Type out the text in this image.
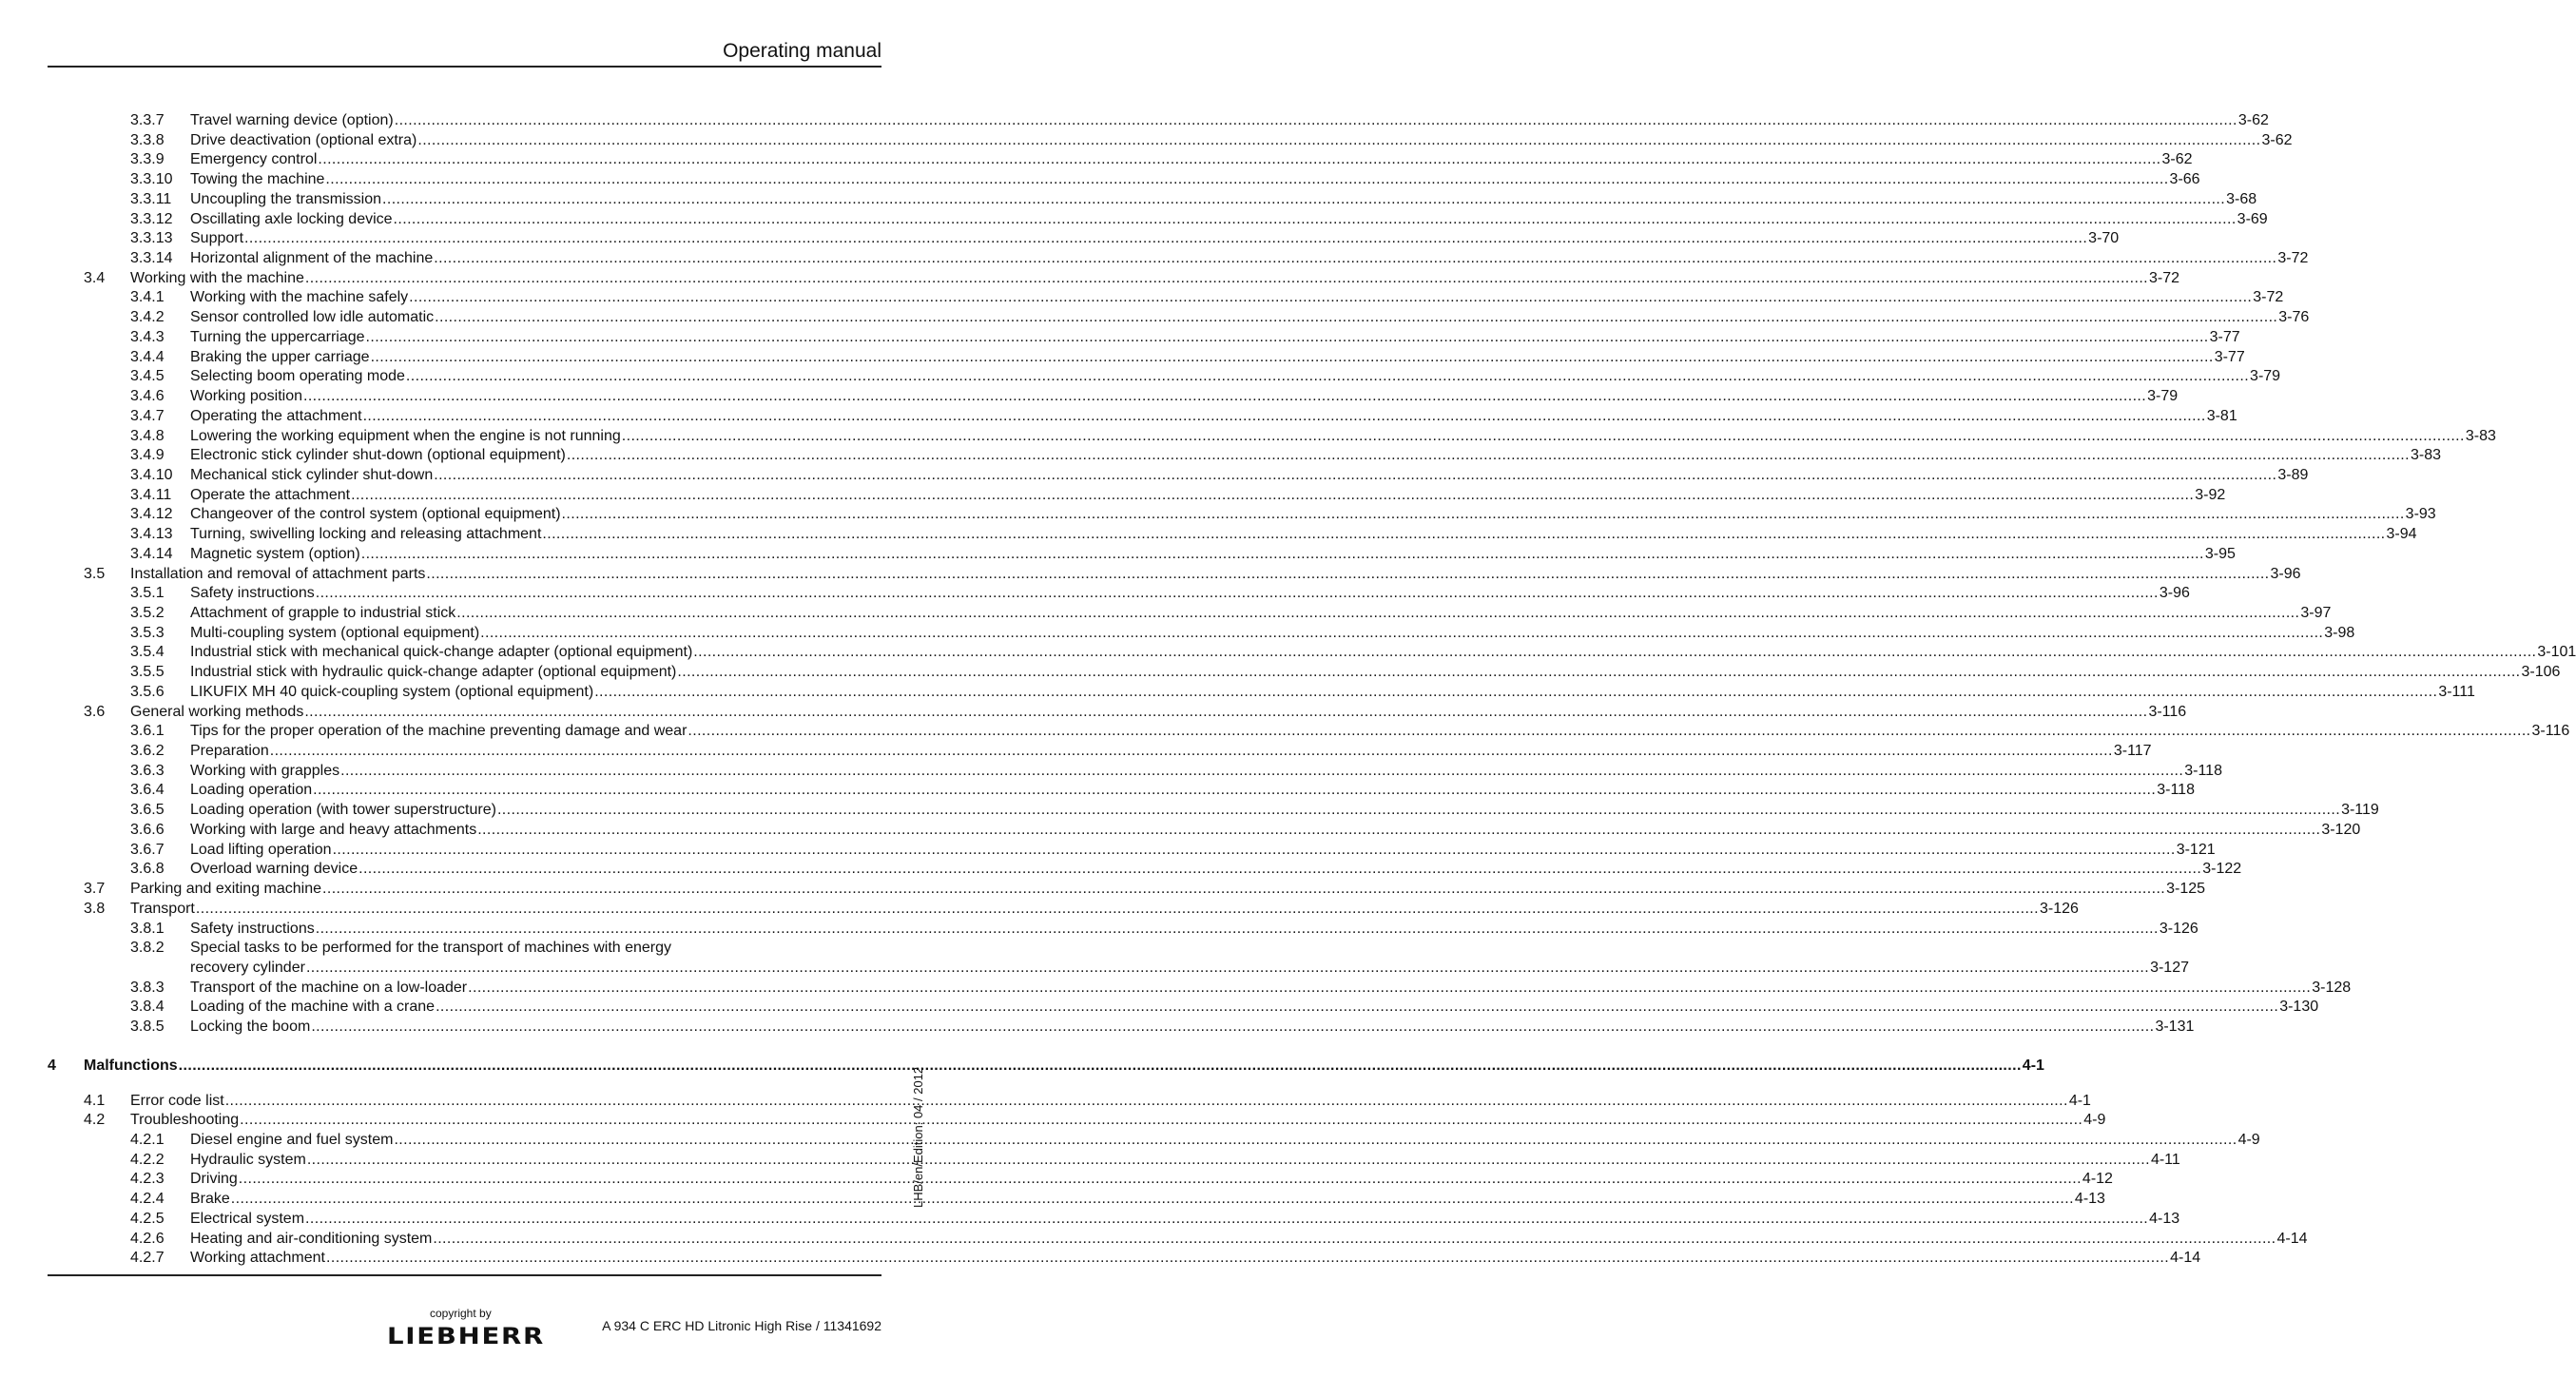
Operating manual
3.3.7 Travel warning device (option) ................................................................................................................................................................................................................................................................................................................................................................................................................ 3-62
3.3.8 Drive deactivation (optional extra) ................................................................................................................................................................................................................................................................................................................................................................................................................ 3-62
3.3.9 Emergency control ................................................................................................................................................................................................................................................................................................................................................................................................................ 3-62
3.3.10 Towing the machine ................................................................................................................................................................................................................................................................................................................................................................................................................ 3-66
3.3.11 Uncoupling the transmission ................................................................................................................................................................................................................................................................................................................................................................................................................ 3-68
3.3.12 Oscillating axle locking device ................................................................................................................................................................................................................................................................................................................................................................................................................ 3-69
3.3.13 Support ................................................................................................................................................................................................................................................................................................................................................................................................................ 3-70
3.3.14 Horizontal alignment of the machine ................................................................................................................................................................................................................................................................................................................................................................................................................ 3-72
3.4 Working with the machine ................................................................................................................................................................................................................................................................................................................................................................................................................ 3-72
3.4.1 Working with the machine safely ................................................................................................................................................................................................................................................................................................................................................................................................................ 3-72
3.4.2 Sensor controlled low idle automatic ................................................................................................................................................................................................................................................................................................................................................................................................................ 3-76
3.4.3 Turning the uppercarriage ................................................................................................................................................................................................................................................................................................................................................................................................................ 3-77
3.4.4 Braking the upper carriage ................................................................................................................................................................................................................................................................................................................................................................................................................ 3-77
3.4.5 Selecting boom operating mode ................................................................................................................................................................................................................................................................................................................................................................................................................ 3-79
3.4.6 Working position ................................................................................................................................................................................................................................................................................................................................................................................................................ 3-79
3.4.7 Operating the attachment ................................................................................................................................................................................................................................................................................................................................................................................................................ 3-81
3.4.8 Lowering the working equipment when the engine is not running ................................................................................................................................................................................................................................................................................................................................................................................................................ 3-83
3.4.9 Electronic stick cylinder shut-down (optional equipment) ................................................................................................................................................................................................................................................................................................................................................................................................................ 3-83
3.4.10 Mechanical stick cylinder shut-down ................................................................................................................................................................................................................................................................................................................................................................................................................ 3-89
3.4.11 Operate the attachment ................................................................................................................................................................................................................................................................................................................................................................................................................ 3-92
3.4.12 Changeover of the control system (optional equipment) ................................................................................................................................................................................................................................................................................................................................................................................................................ 3-93
3.4.13 Turning, swivelling locking and releasing attachment ................................................................................................................................................................................................................................................................................................................................................................................................................ 3-94
3.4.14 Magnetic system (option) ................................................................................................................................................................................................................................................................................................................................................................................................................ 3-95
3.5 Installation and removal of attachment parts ................................................................................................................................................................................................................................................................................................................................................................................................................ 3-96
3.5.1 Safety instructions ................................................................................................................................................................................................................................................................................................................................................................................................................ 3-96
3.5.2 Attachment of grapple to industrial stick ................................................................................................................................................................................................................................................................................................................................................................................................................ 3-97
3.5.3 Multi-coupling system (optional equipment) ................................................................................................................................................................................................................................................................................................................................................................................................................ 3-98
3.5.4 Industrial stick with mechanical quick-change adapter (optional equipment) ................................................................................................................................................................................................................................................................................................................................................................................................................ 3-101
3.5.5 Industrial stick with hydraulic quick-change adapter (optional equipment) ................................................................................................................................................................................................................................................................................................................................................................................................................ 3-106
3.5.6 LIKUFIX MH 40 quick-coupling system (optional equipment) ................................................................................................................................................................................................................................................................................................................................................................................................................ 3-111
3.6 General working methods ................................................................................................................................................................................................................................................................................................................................................................................................................ 3-116
3.6.1 Tips for the proper operation of the machine preventing damage and wear ................................................................................................................................................................................................................................................................................................................................................................................................................ 3-116
3.6.2 Preparation ................................................................................................................................................................................................................................................................................................................................................................................................................ 3-117
3.6.3 Working with grapples ................................................................................................................................................................................................................................................................................................................................................................................................................ 3-118
3.6.4 Loading operation ................................................................................................................................................................................................................................................................................................................................................................................................................ 3-118
3.6.5 Loading operation (with tower superstructure) ................................................................................................................................................................................................................................................................................................................................................................................................................ 3-119
3.6.6 Working with large and heavy attachments ................................................................................................................................................................................................................................................................................................................................................................................................................ 3-120
3.6.7 Load lifting operation ................................................................................................................................................................................................................................................................................................................................................................................................................ 3-121
3.6.8 Overload warning device ................................................................................................................................................................................................................................................................................................................................................................................................................ 3-122
3.7 Parking and exiting machine ................................................................................................................................................................................................................................................................................................................................................................................................................ 3-125
3.8 Transport ................................................................................................................................................................................................................................................................................................................................................................................................................ 3-126
3.8.1 Safety instructions ................................................................................................................................................................................................................................................................................................................................................................................................................ 3-126
3.8.2 Special tasks to be performed for the transport of machines with energy
recovery cylinder ................................................................................................................................................................................................................................................................................................................................................................................................................ 3-127
3.8.3 Transport of the machine on a low-loader ................................................................................................................................................................................................................................................................................................................................................................................................................ 3-128
3.8.4 Loading of the machine with a crane ................................................................................................................................................................................................................................................................................................................................................................................................................ 3-130
3.8.5 Locking the boom ................................................................................................................................................................................................................................................................................................................................................................................................................ 3-131
4 Malfunctions ................................................................................................................................................................................................................................................................................................................................................................................................................ 4-1
4.1 Error code list ................................................................................................................................................................................................................................................................................................................................................................................................................ 4-1
4.2 Troubleshooting ................................................................................................................................................................................................................................................................................................................................................................................................................ 4-9
4.2.1 Diesel engine and fuel system ................................................................................................................................................................................................................................................................................................................................................................................................................ 4-9
4.2.2 Hydraulic system ................................................................................................................................................................................................................................................................................................................................................................................................................ 4-11
4.2.3 Driving ................................................................................................................................................................................................................................................................................................................................................................................................................ 4-12
4.2.4 Brake ................................................................................................................................................................................................................................................................................................................................................................................................................ 4-13
4.2.5 Electrical system ................................................................................................................................................................................................................................................................................................................................................................................................................ 4-13
4.2.6 Heating and air-conditioning system ................................................................................................................................................................................................................................................................................................................................................................................................................ 4-14
4.2.7 Working attachment ................................................................................................................................................................................................................................................................................................................................................................................................................ 4-14
LHB/en/Edition: 04 / 2012
copyright by
LIEBHERR	A 934 C ERC HD Litronic High Rise / 11341692
